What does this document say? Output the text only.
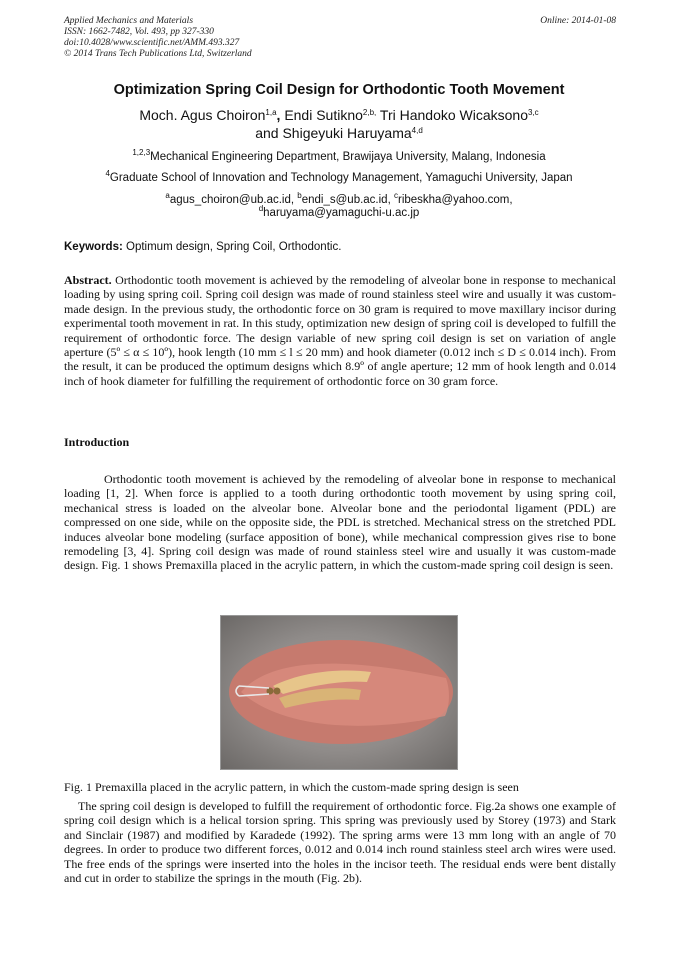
Applied Mechanics and Materials
ISSN: 1662-7482, Vol. 493, pp 327-330
doi:10.4028/www.scientific.net/AMM.493.327
© 2014 Trans Tech Publications Ltd, Switzerland
Online: 2014-01-08
Optimization Spring Coil Design for Orthodontic Tooth Movement
Moch. Agus Choiron$^{1,a}$, Endi Sutikno$^{2,b,}$ Tri Handoko Wicaksono$^{3,c}$
and Shigeyuki Haruyama$^{4,d}$
$^{1,2,3}$Mechanical Engineering Department, Brawijaya University, Malang, Indonesia
$^4$Graduate School of Innovation and Technology Management, Yamaguchi University, Japan
$^a$agus_choiron@ub.ac.id, $^b$endi_s@ub.ac.id, $^c$ribeskha@yahoo.com,
$^d$haruyama@yamaguchi-u.ac.jp
Keywords: Optimum design, Spring Coil, Orthodontic.
Abstract. Orthodontic tooth movement is achieved by the remodeling of alveolar bone in response to mechanical loading by using spring coil. Spring coil design was made of round stainless steel wire and usually it was custom-made design. In the previous study, the orthodontic force on 30 gram is required to move maxillary incisor during experimental tooth movement in rat. In this study, optimization new design of spring coil is developed to fulfill the requirement of orthodontic force. The design variable of new spring coil design is set on variation of angle aperture (5º ≤ α ≤ 10º), hook length (10 mm ≤ l ≤ 20 mm) and hook diameter (0.012 inch ≤ D ≤ 0.014 inch). From the result, it can be produced the optimum designs which 8.9º of angle aperture; 12 mm of hook length and 0.014 inch of hook diameter for fulfilling the requirement of orthodontic force on 30 gram force.
Introduction
Orthodontic tooth movement is achieved by the remodeling of alveolar bone in response to mechanical loading [1, 2]. When force is applied to a tooth during orthodontic tooth movement by using spring coil, mechanical stress is loaded on the alveolar bone. Alveolar bone and the periodontal ligament (PDL) are compressed on one side, while on the opposite side, the PDL is stretched. Mechanical stress on the stretched PDL induces alveolar bone modeling (surface apposition of bone), while mechanical compression gives rise to bone remodeling [3, 4]. Spring coil design was made of round stainless steel wire and usually it was custom-made design. Fig. 1 shows Premaxilla placed in the acrylic pattern, in which the custom-made spring coil design is seen.
Fig. 1 Premaxilla placed in the acrylic pattern, in which the custom-made spring design is seen
The spring coil design is developed to fulfill the requirement of orthodontic force. Fig.2a shows one example of spring coil design which is a helical torsion spring. This spring was previously used by Storey (1973) and Stark and Sinclair (1987) and modified by Karadede (1992). The spring arms were 13 mm long with an angle of 70 degrees. In order to produce two different forces, 0.012 and 0.014 inch round stainless steel arch wires were used. The free ends of the springs were inserted into the holes in the incisor teeth. The residual ends were bent distally and cut in order to stabilize the springs in the mouth (Fig. 2b).
